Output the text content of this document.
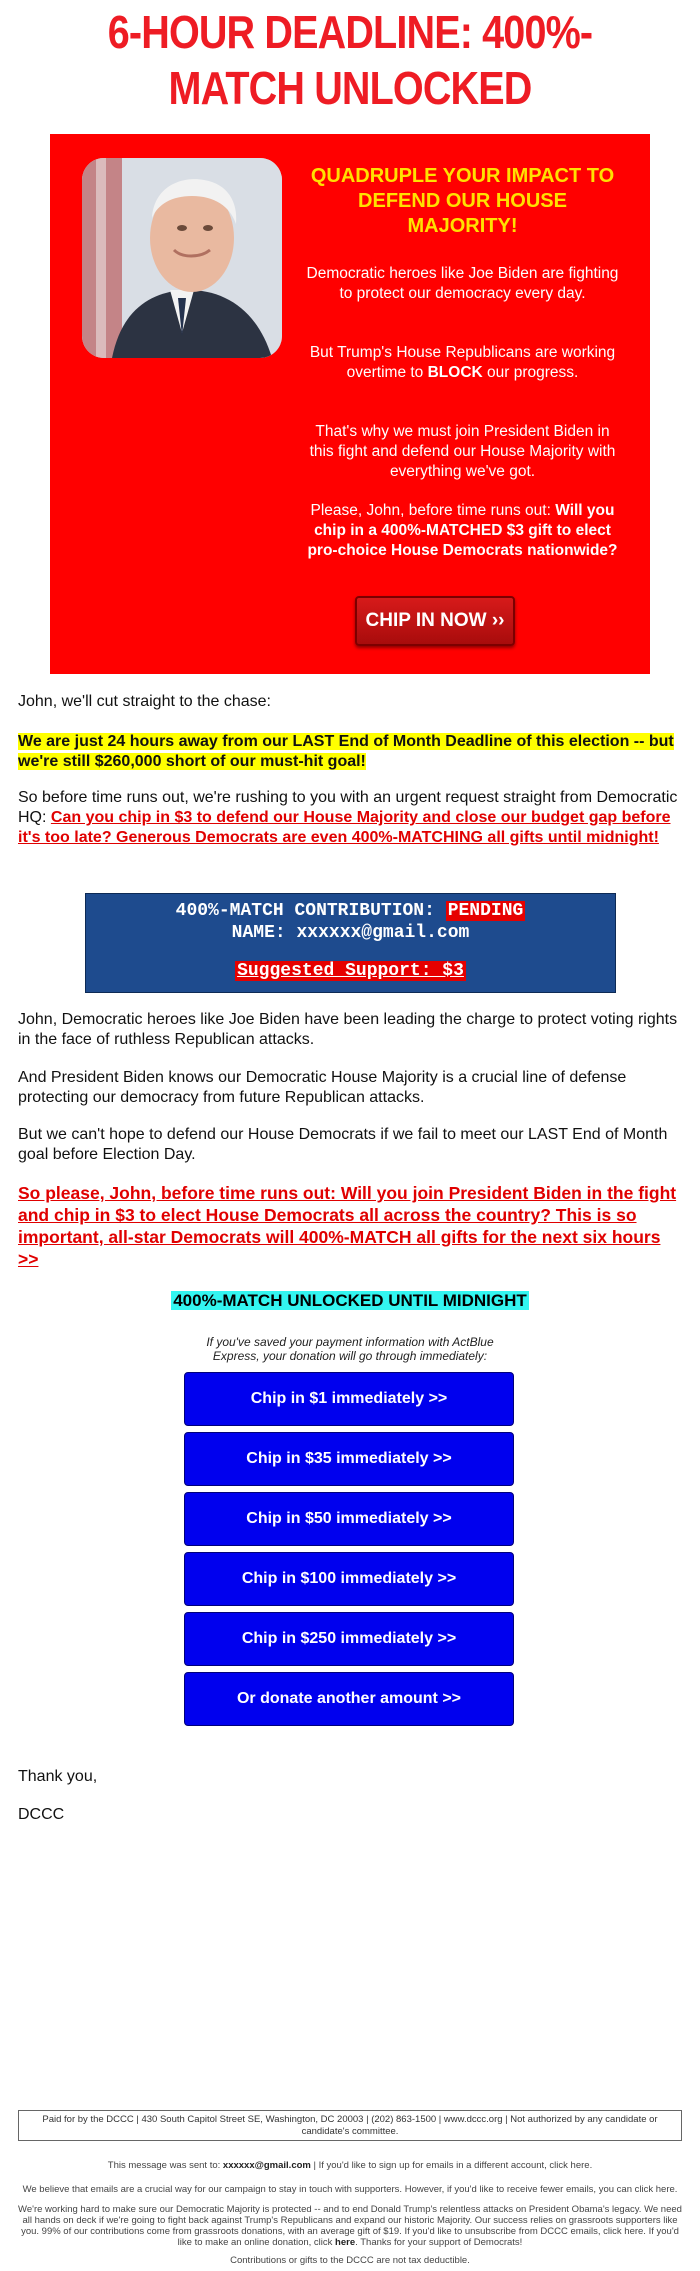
6-HOUR DEADLINE: 400%-MATCH UNLOCKED
QUADRUPLE YOUR IMPACT TO DEFEND OUR HOUSE MAJORITY!
Democratic heroes like Joe Biden are fighting to protect our democracy every day.
But Trump's House Republicans are working overtime to BLOCK our progress.
That's why we must join President Biden in this fight and defend our House Majority with everything we've got.
Please, John, before time runs out: Will you chip in a 400%-MATCHED $3 gift to elect pro-choice House Democrats nationwide?
CHIP IN NOW ››
John, we'll cut straight to the chase:
We are just 24 hours away from our LAST End of Month Deadline of this election -- but we're still $260,000 short of our must-hit goal!
So before time runs out, we're rushing to you with an urgent request straight from Democratic HQ: Can you chip in $3 to defend our House Majority and close our budget gap before it's too late? Generous Democrats are even 400%-MATCHING all gifts until midnight!
400%-MATCH CONTRIBUTION: PENDING
NAME: xxxxxx@gmail.com
Suggested Support: $3
John, Democratic heroes like Joe Biden have been leading the charge to protect voting rights in the face of ruthless Republican attacks.
And President Biden knows our Democratic House Majority is a crucial line of defense protecting our democracy from future Republican attacks.
But we can't hope to defend our House Democrats if we fail to meet our LAST End of Month goal before Election Day.
So please, John, before time runs out: Will you join President Biden in the fight and chip in $3 to elect House Democrats all across the country? This is so important, all-star Democrats will 400%-MATCH all gifts for the next six hours >>
400%-MATCH UNLOCKED UNTIL MIDNIGHT
If you've saved your payment information with ActBlue Express, your donation will go through immediately:
Chip in $1 immediately >>
Chip in $35 immediately >>
Chip in $50 immediately >>
Chip in $100 immediately >>
Chip in $250 immediately >>
Or donate another amount >>
Thank you,
DCCC
Paid for by the DCCC | 430 South Capitol Street SE, Washington, DC 20003 | (202) 863-1500 | www.dccc.org | Not authorized by any candidate or candidate's committee.
This message was sent to: xxxxxx@gmail.com | If you'd like to sign up for emails in a different account, click here.
We believe that emails are a crucial way for our campaign to stay in touch with supporters. However, if you'd like to receive fewer emails, you can click here.
We're working hard to make sure our Democratic Majority is protected -- and to end Donald Trump's relentless attacks on President Obama's legacy. We need all hands on deck if we're going to fight back against Trump's Republicans and expand our historic Majority. Our success relies on grassroots supporters like you. 99% of our contributions come from grassroots donations, with an average gift of $19. If you'd like to unsubscribe from DCCC emails, click here. If you'd like to make an online donation, click here. Thanks for your support of Democrats!
Contributions or gifts to the DCCC are not tax deductible.
